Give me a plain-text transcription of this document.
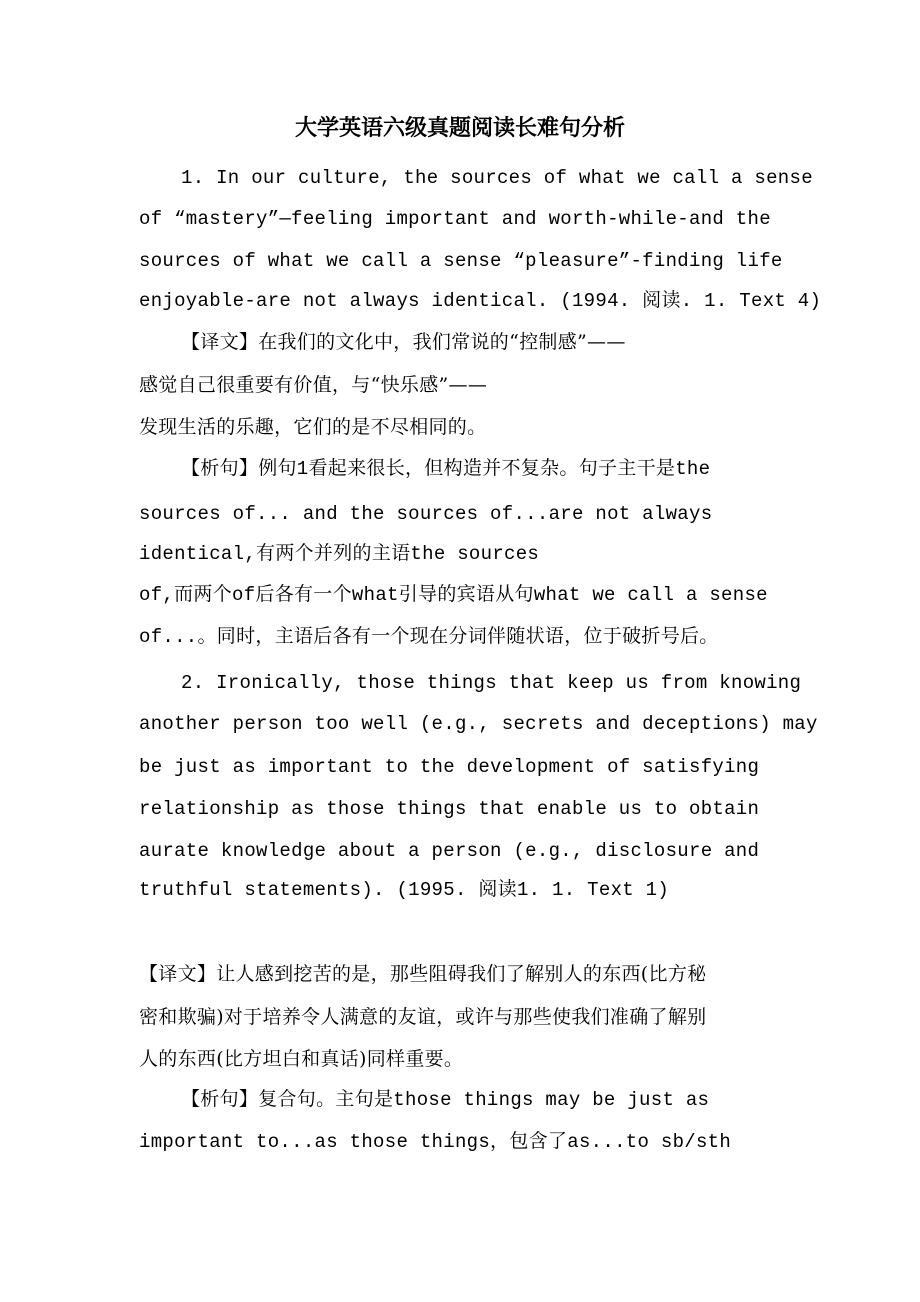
大学英语六级真题阅读长难句分析
1. In our culture, the sources of what we call a sense
of “mastery”—feeling important and worth-while-and the
sources of what we call a sense “pleasure”-finding life
enjoyable-are not always identical. (1994. 阅读. 1. Text 4)
【译文】在我们的文化中，我们常说的“控制感”——
感觉自己很重要有价值，与“快乐感”——
发现生活的乐趣，它们的是不尽相同的。
【析句】例句1看起来很长，但构造并不复杂。句子主干是the
sources of... and the sources of...are not always
identical,有两个并列的主语the sources
of,而两个of后各有一个what引导的宾语从句what we call a sense
of...。同时，主语后各有一个现在分词伴随状语，位于破折号后。
2. Ironically, those things that keep us from knowing
another person too well (e.g., secrets and deceptions) may
be just as important to the development of satisfying
relationship as those things that enable us to obtain
aurate knowledge about a person (e.g., disclosure and
truthful statements). (1995. 阅读1. 1. Text 1)
【译文】让人感到挖苦的是，那些阻碍我们了解别人的东西(比方秘
密和欺骗)对于培养令人满意的友谊，或许与那些使我们准确了解别
人的东西(比方坦白和真话)同样重要。
【析句】复合句。主句是those things may be just as
important to...as those things，包含了as...to sb/sth
